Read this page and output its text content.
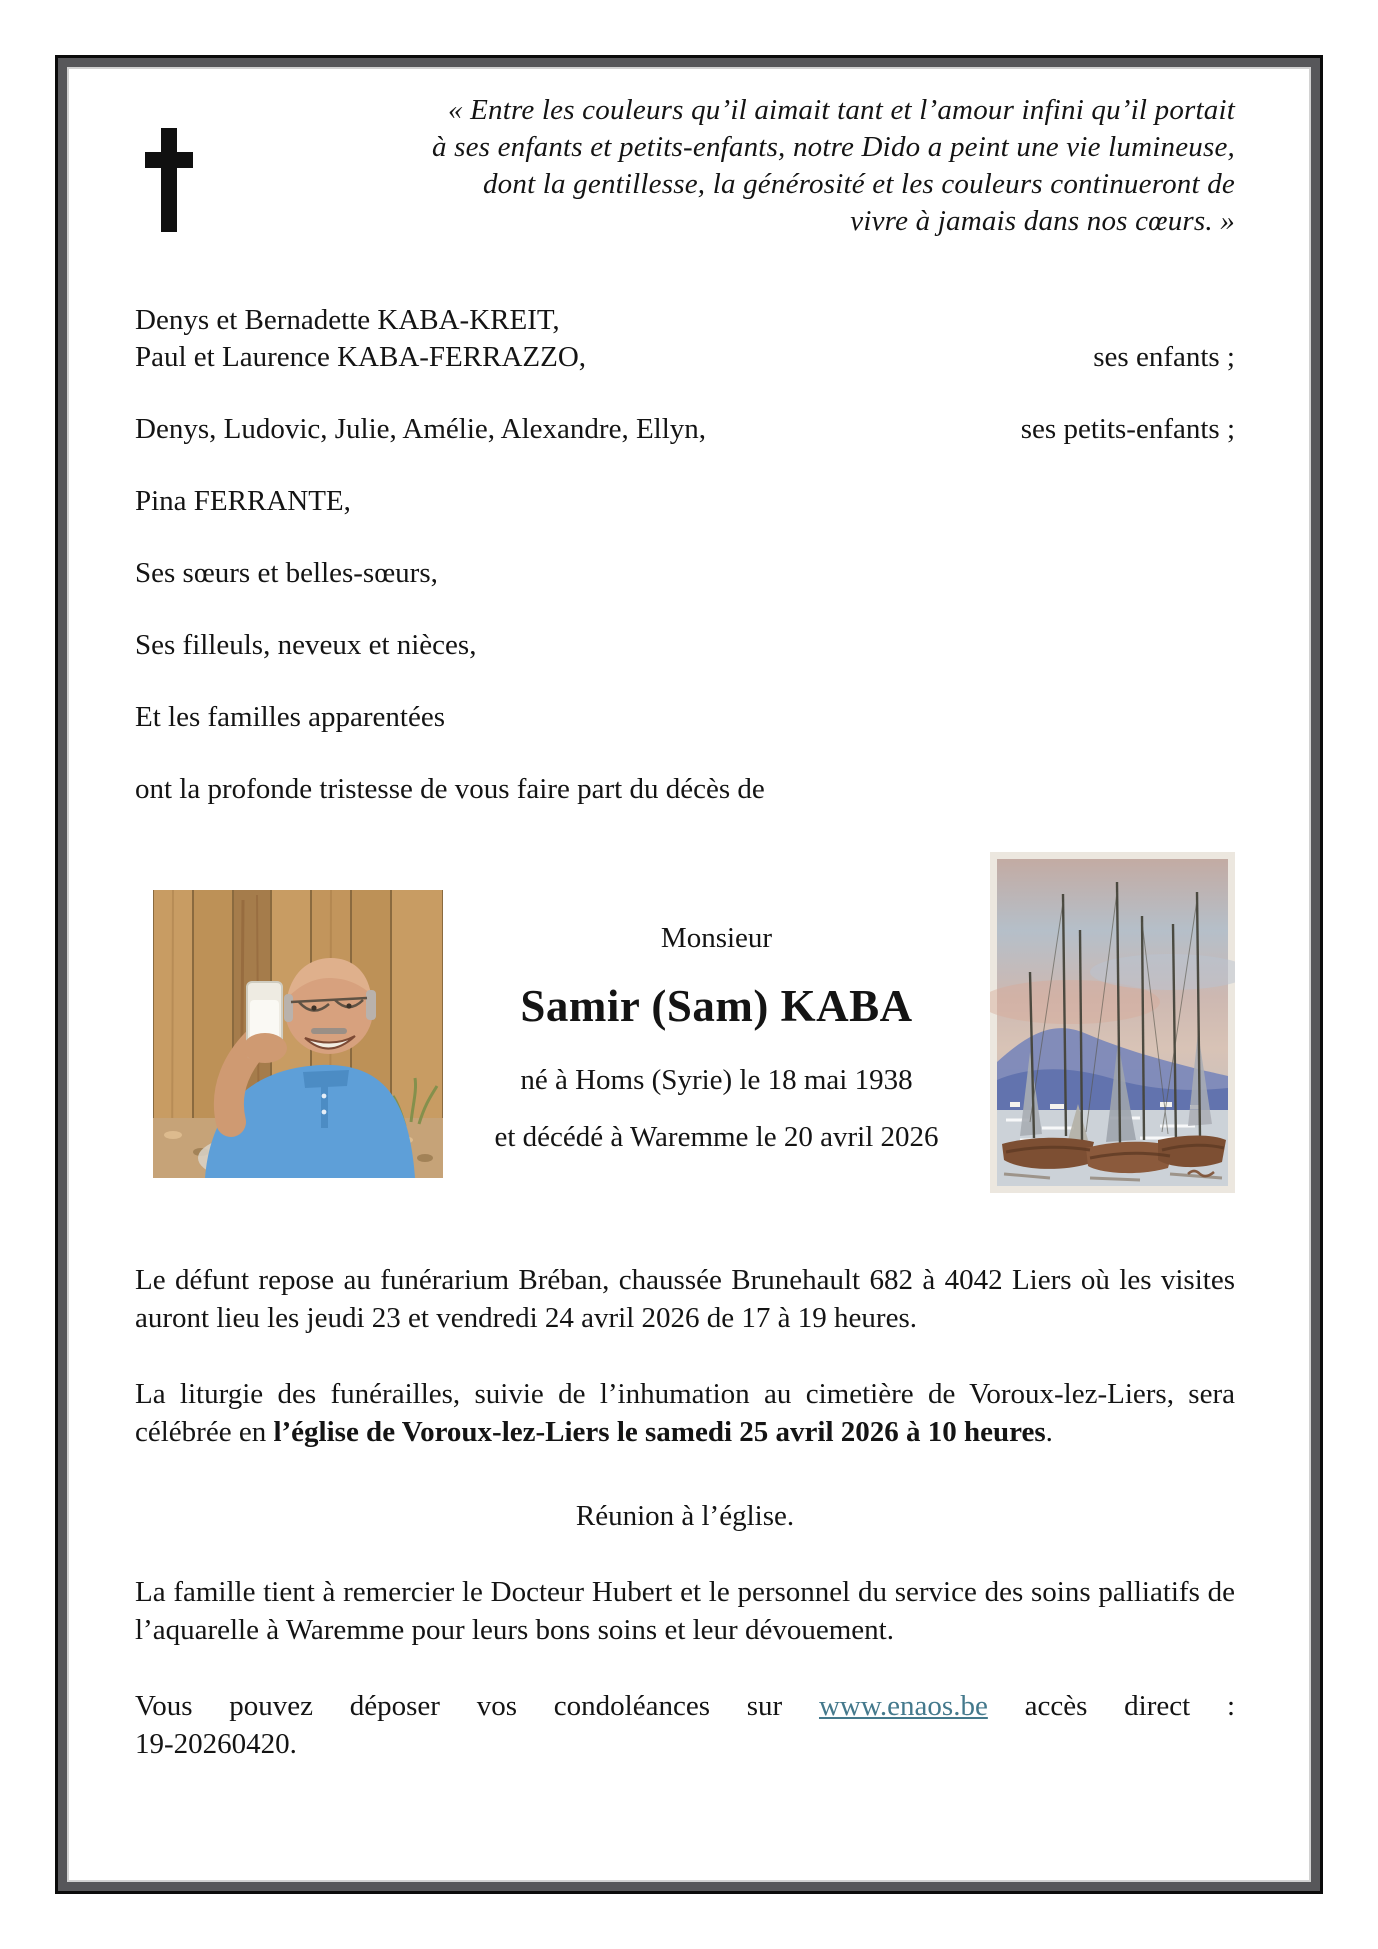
« Entre les couleurs qu’il aimait tant et l’amour infini qu’il portait
à ses enfants et petits-enfants, notre Dido a peint une vie lumineuse,
dont la gentillesse, la générosité et les couleurs continueront de
vivre à jamais dans nos cœurs. »
Denys et Bernadette KABA-KREIT,
Paul et Laurence KABA-FERRAZZO,	ses enfants ;
Denys, Ludovic, Julie, Amélie, Alexandre, Ellyn,	ses petits-enfants ;
Pina FERRANTE,
Ses sœurs et belles-sœurs,
Ses filleuls, neveux et nièces,
Et les familles apparentées
ont la profonde tristesse de vous faire part du décès de
Monsieur
Samir (Sam) KABA
né à Homs (Syrie) le 18 mai 1938
et décédé à Waremme le 20 avril 2026

Le défunt repose au funérarium Bréban, chaussée Brunehault 682 à 4042 Liers où les visites auront lieu les jeudi 23 et vendredi 24 avril 2026 de 17 à 19 heures.

La liturgie des funérailles, suivie de l’inhumation au cimetière de Voroux-lez-Liers, sera célébrée en l’église de Voroux-lez-Liers le samedi 25 avril 2026 à 10 heures.

Réunion à l’église.

La famille tient à remercier le Docteur Hubert et le personnel du service des soins palliatifs de l’aquarelle à Waremme pour leurs bons soins et leur dévouement.

Vous pouvez déposer vos condoléances sur www.enaos.be accès direct :
19-20260420.
